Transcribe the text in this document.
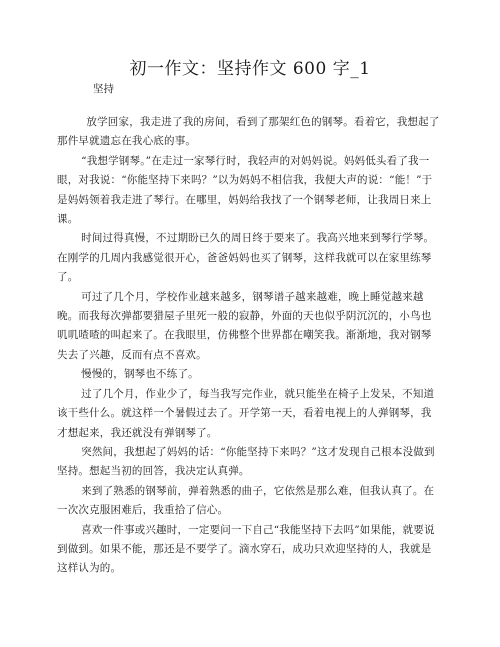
初一作文：坚持作文 600 字_1
坚持

放学回家，我走进了我的房间，看到了那架红色的钢琴。看着它，我想起了那件早就遗忘在我心底的事。

“我想学钢琴。”在走过一家琴行时，我轻声的对妈妈说。妈妈低头看了我一眼，对我说：“你能坚持下来吗？”以为妈妈不相信我，我便大声的说：“能！”于是妈妈领着我走进了琴行。在哪里，妈妈给我找了一个钢琴老师，让我周日来上课。

时间过得真慢，不过期盼已久的周日终于要来了。我高兴地来到琴行学琴。在刚学的几周内我感觉很开心，爸爸妈妈也买了钢琴，这样我就可以在家里练琴了。

可过了几个月，学校作业越来越多，钢琴谱子越来越难，晚上睡觉越来越晚。而我每次弹都要猎屋子里死一般的寂静，外面的天也似乎阴沉沉的，小鸟也叽叽喳喳的叫起来了。在我眼里，仿佛整个世界都在嘲笑我。渐渐地，我对钢琴失去了兴趣，反而有点不喜欢。

慢慢的，钢琴也不练了。

过了几个月，作业少了，每当我写完作业，就只能坐在椅子上发呆，不知道该干些什么。就这样一个暑假过去了。开学第一天，看着电视上的人弹钢琴，我才想起来，我还就没有弹钢琴了。

突然间，我想起了妈妈的话：“你能坚持下来吗？”这才发现自己根本没做到坚持。想起当初的回答，我决定认真弹。

来到了熟悉的钢琴前，弹着熟悉的曲子，它依然是那么难，但我认真了。在一次次克服困难后，我重拾了信心。

喜欢一件事或兴趣时，一定要问一下自己“我能坚持下去吗”如果能，就要说到做到。如果不能，那还是不要学了。滴水穿石，成功只欢迎坚持的人，我就是这样认为的。
